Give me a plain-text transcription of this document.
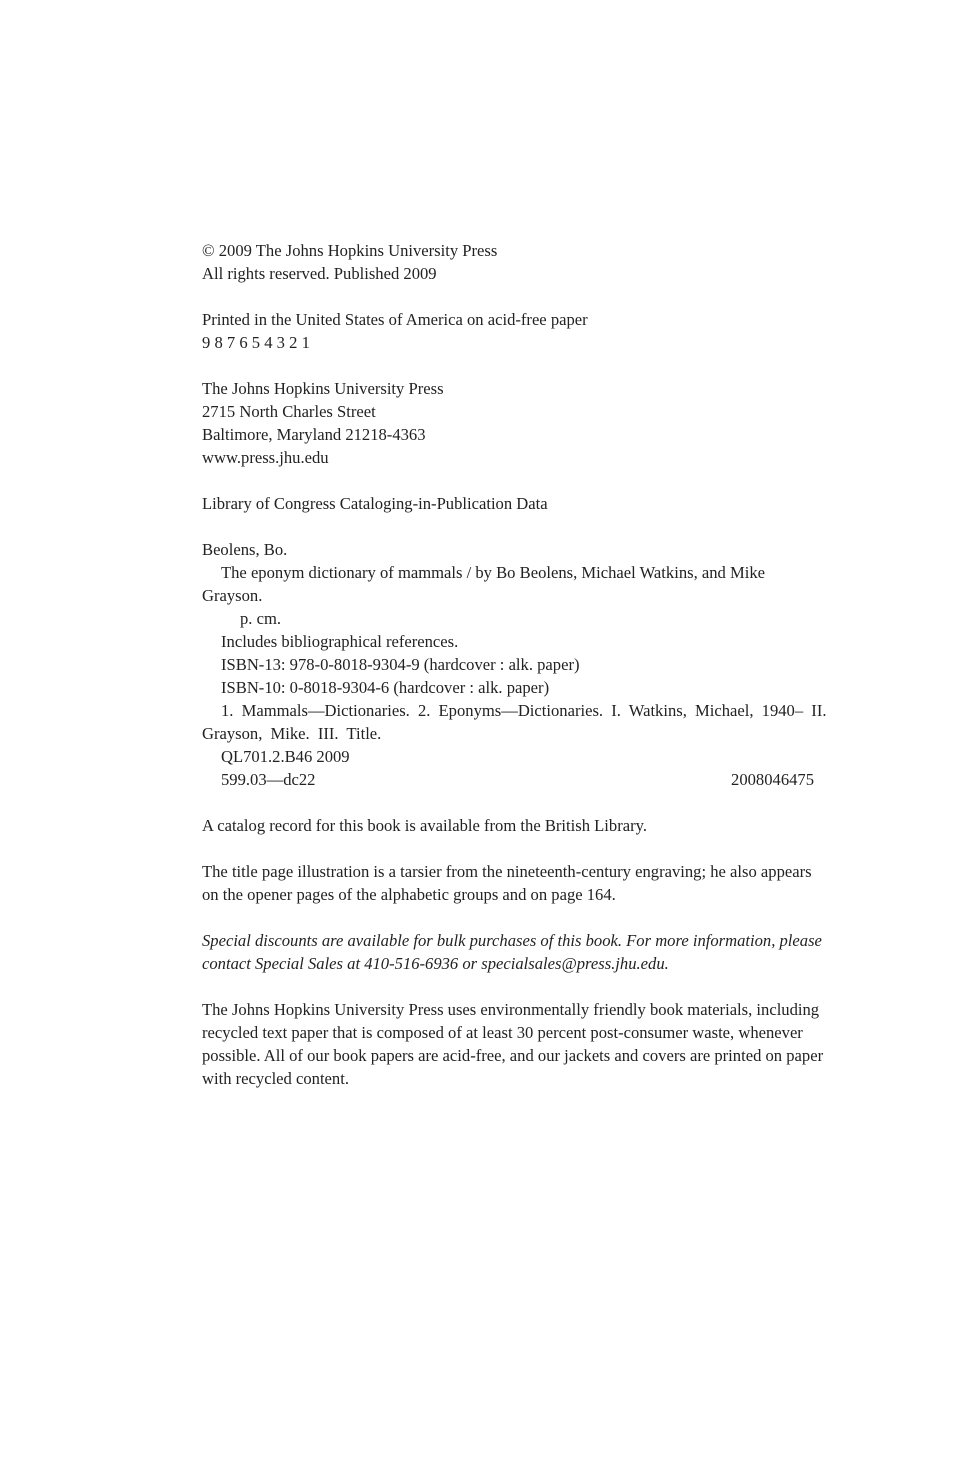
© 2009 The Johns Hopkins University Press
All rights reserved. Published 2009
Printed in the United States of America on acid-free paper
9 8 7 6 5 4 3 2 1
The Johns Hopkins University Press
2715 North Charles Street
Baltimore, Maryland 21218-4363
www.press.jhu.edu
Library of Congress Cataloging-in-Publication Data
Beolens, Bo.
The eponym dictionary of mammals / by Bo Beolens, Michael Watkins, and Mike Grayson.
p. cm.
Includes bibliographical references.
ISBN-13: 978-0-8018-9304-9 (hardcover : alk. paper)
ISBN-10: 0-8018-9304-6 (hardcover : alk. paper)
1. Mammals—Dictionaries. 2. Eponyms—Dictionaries. I. Watkins, Michael, 1940– II. Grayson, Mike. III. Title.
QL701.2.B46 2009
599.03—dc22	2008046475
A catalog record for this book is available from the British Library.
The title page illustration is a tarsier from the nineteenth-century engraving; he also appears on the opener pages of the alphabetic groups and on page 164.
Special discounts are available for bulk purchases of this book. For more information, please contact Special Sales at 410-516-6936 or specialsales@press.jhu.edu.
The Johns Hopkins University Press uses environmentally friendly book materials, including recycled text paper that is composed of at least 30 percent post-consumer waste, whenever possible. All of our book papers are acid-free, and our jackets and covers are printed on paper with recycled content.
